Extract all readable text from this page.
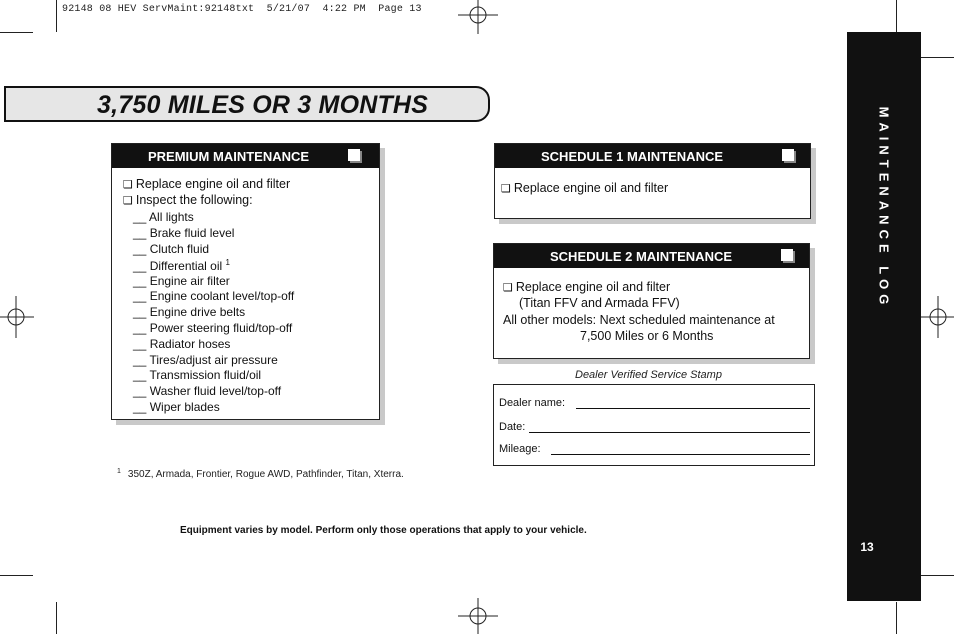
92148 08 HEV ServMaint:92148txt  5/21/07  4:22 PM  Page 13
MAINTENANCE LOG
13
3,750 MILES OR 3 MONTHS
PREMIUM MAINTENANCE
❑ Replace engine oil and filter
❑ Inspect the following:
__ All lights
__ Brake fluid level
__ Clutch fluid
__ Differential oil $^1$
__ Engine air filter
__ Engine coolant level/top-off
__ Engine drive belts
__ Power steering fluid/top-off
__ Radiator hoses
__ Tires/adjust air pressure
__ Transmission fluid/oil
__ Washer fluid level/top-off
__ Wiper blades
SCHEDULE 1 MAINTENANCE
❑ Replace engine oil and filter
SCHEDULE 2 MAINTENANCE
❑ Replace engine oil and filter
(Titan FFV and Armada FFV)
All other models: Next scheduled maintenance at
7,500 Miles or 6 Months
Dealer Verified Service Stamp
Dealer name:
Date:
Mileage:
$^1$ 350Z, Armada, Frontier, Rogue AWD, Pathfinder, Titan, Xterra.
Equipment varies by model. Perform only those operations that apply to your vehicle.
